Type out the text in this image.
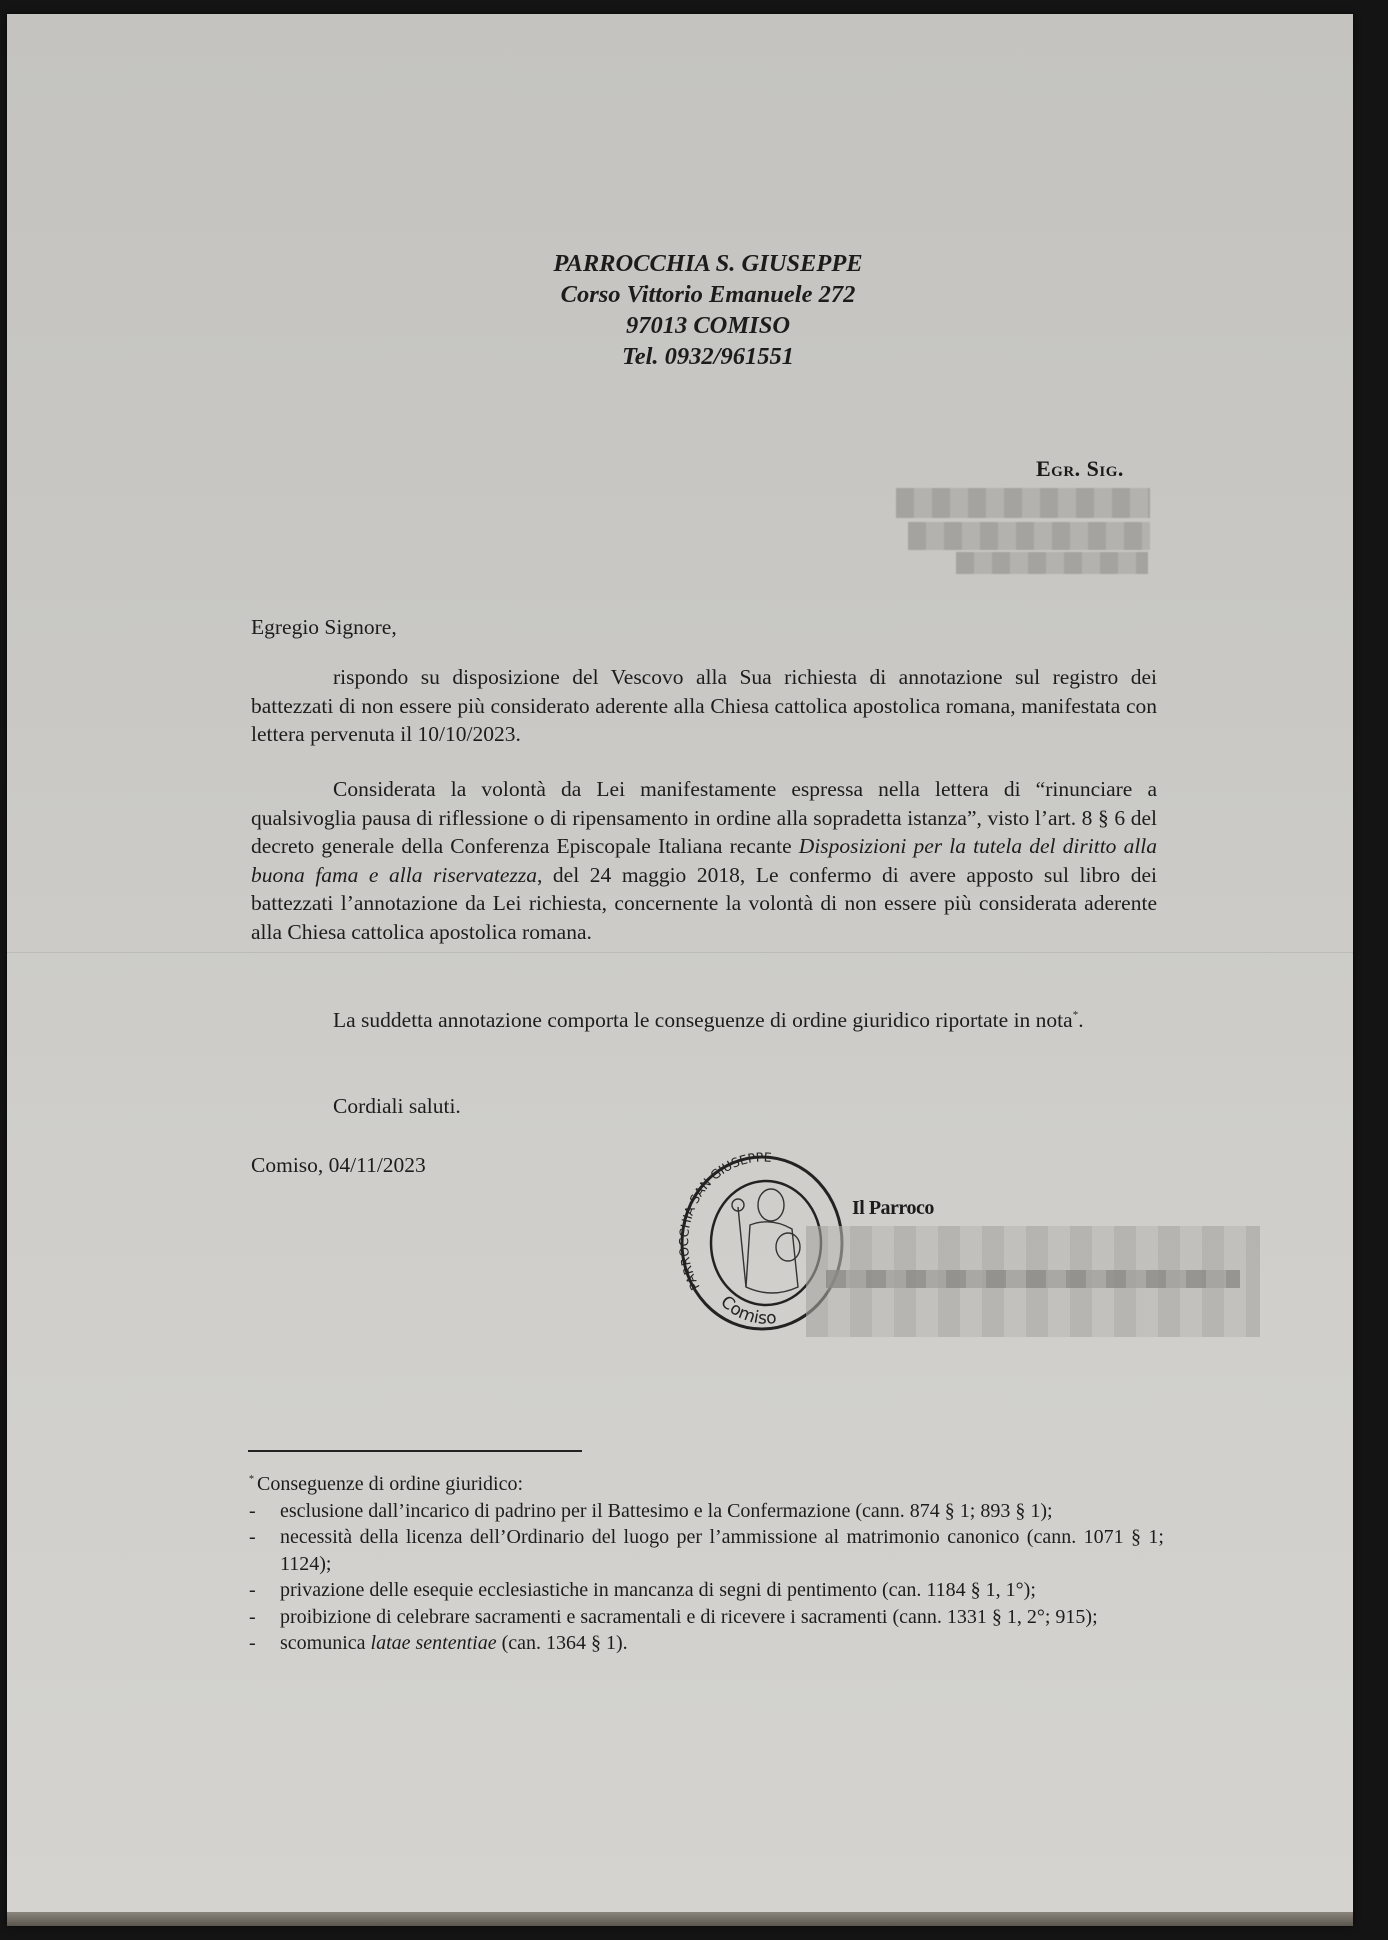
PARROCCHIA S. GIUSEPPE
Corso Vittorio Emanuele 272
97013 COMISO
Tel. 0932/961551
Egr. Sig.
Egregio Signore,
rispondo su disposizione del Vescovo alla Sua richiesta di annotazione sul registro dei battezzati di non essere più considerato aderente alla Chiesa cattolica apostolica romana, manifestata con lettera pervenuta il 10/10/2023.
Considerata la volontà da Lei manifestamente espressa nella lettera di “rinunciare a qualsivoglia pausa di riflessione o di ripensamento in ordine alla sopradetta istanza”, visto l’art. 8 § 6 del decreto generale della Conferenza Episcopale Italiana recante Disposizioni per la tutela del diritto alla buona fama e alla riservatezza, del 24 maggio 2018, Le confermo di avere apposto sul libro dei battezzati l’annotazione da Lei richiesta, concernente la volontà di non essere più considerata aderente alla Chiesa cattolica apostolica romana.
La suddetta annotazione comporta le conseguenze di ordine giuridico riportate in nota*.
Cordiali saluti.
Comiso, 04/11/2023
PARROCCHIA SAN GIUSEPPE
Comiso
Il Parroco
* Conseguenze di ordine giuridico:
- esclusione dall’incarico di padrino per il Battesimo e la Confermazione (cann. 874 § 1; 893 § 1);
- necessità della licenza dell’Ordinario del luogo per l’ammissione al matrimonio canonico (cann. 1071 § 1; 1124);
- privazione delle esequie ecclesiastiche in mancanza di segni di pentimento (can. 1184 § 1, 1°);
- proibizione di celebrare sacramenti e sacramentali e di ricevere i sacramenti (cann. 1331 § 1, 2°; 915);
- scomunica latae sententiae (can. 1364 § 1).
